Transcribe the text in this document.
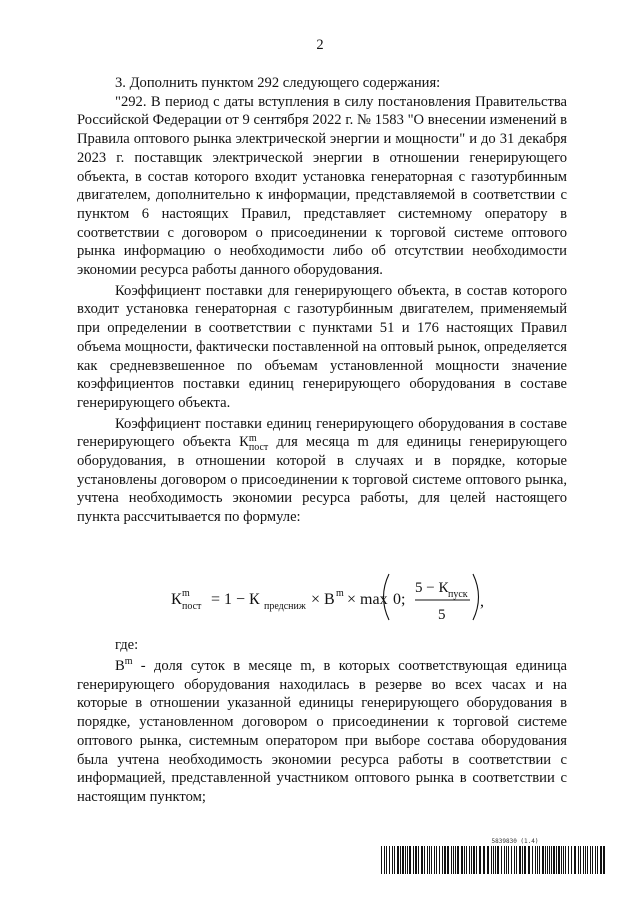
2

3. Дополнить пунктом 292 следующего содержания:

"292. В период с даты вступления в силу постановления Правительства Российской Федерации от 9 сентября 2022 г. № 1583 "О внесении изменений в Правила оптового рынка электрической энергии и мощности" и до 31 декабря 2023 г. поставщик электрической энергии в отношении генерирующего объекта, в состав которого входит установка генераторная с газотурбинным двигателем, дополнительно к информации, представляемой в соответствии с пунктом 6 настоящих Правил, представляет системному оператору в соответствии с договором о присоединении к торговой системе оптового рынка информацию о необходимости либо об отсутствии необходимости экономии ресурса работы данного оборудования.

Коэффициент поставки для генерирующего объекта, в состав которого входит установка генераторная с газотурбинным двигателем, применяемый при определении в соответствии с пунктами 51 и 176 настоящих Правил объема мощности, фактически поставленной на оптовый рынок, определяется как средневзвешенное по объемам установленной мощности значение коэффициентов поставки единиц генерирующего оборудования в составе генерирующего объекта.

Коэффициент поставки единиц генерирующего оборудования в составе генерирующего объекта К m
пост для месяца m для единицы генерирующего оборудования, в отношении которой в случаях и в порядке, которые установлены договором о присоединении к торговой системе оптового рынка, учтена необходимость экономии ресурса работы, для целей настоящего пункта рассчитывается по формуле:

К m
пост = 1 − К предсниж × В m × max 0;
5 − К пуск
5
,
где:

$В^m$ - доля суток в месяце m, в которых соответствующая единица генерирующего оборудования находилась в резерве во всех часах и на которые в отношении указанной единицы генерирующего оборудования в порядке, установленном договором о присоединении к торговой системе оптового рынка, системным оператором при выборе состава оборудования была учтена необходимость экономии ресурса работы в соответствии с информацией, представленной участником оптового рынка в соответствии с настоящим пунктом;

5839830 (1.4)
